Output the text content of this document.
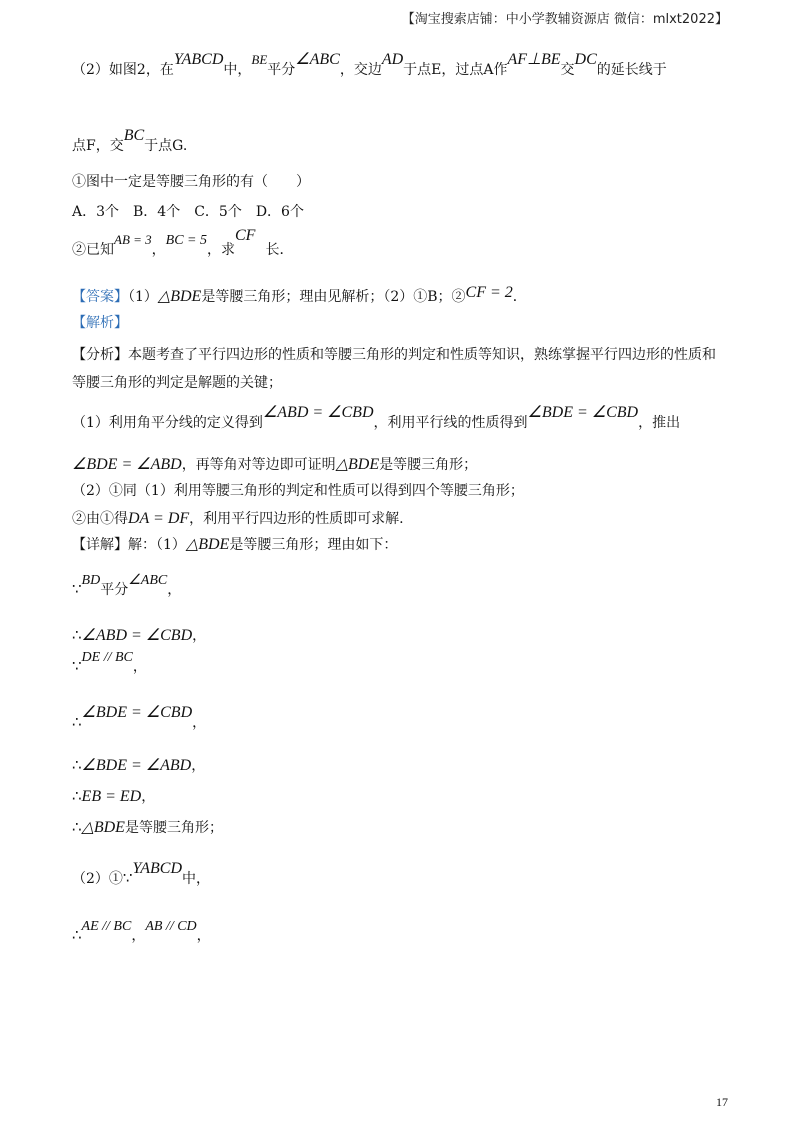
【淘宝搜索店铺：中小学教辅资源店 微信：mlxt2022】
（2）如图2，在YABCD中，BE平分∠ABC，交边AD于点E，过点A作AF⊥BE交DC的延长线于
点F，交BC于点G.
①图中一定是等腰三角形的有（　　）
A．3个　B．4个　C．5个　D．6个
②已知AB = 3，BC = 5，求CF长．
【答案】（1）△BDE是等腰三角形；理由见解析；（2）①B；②CF = 2．
【解析】
【分析】本题考查了平行四边形的性质和等腰三角形的判定和性质等知识，熟练掌握平行四边形的性质和
等腰三角形的判定是解题的关键；
（1）利用角平分线的定义得到∠ABD = ∠CBD，利用平行线的性质得到∠BDE = ∠CBD，推出
∠BDE = ∠ABD，再等角对等边即可证明△BDE是等腰三角形；
（2）①同（1）利用等腰三角形的判定和性质可以得到四个等腰三角形；
②由①得DA = DF，利用平行四边形的性质即可求解.
【详解】解：（1）△BDE是等腰三角形；理由如下：
∵BD平分∠ABC，
∴∠ABD = ∠CBD，
∵DE // BC，
∴∠BDE = ∠CBD，
∴∠BDE = ∠ABD，
∴EB = ED，
∴△BDE是等腰三角形；
（2）①∵YABCD中，
∴AE // BC，AB // CD，
17
